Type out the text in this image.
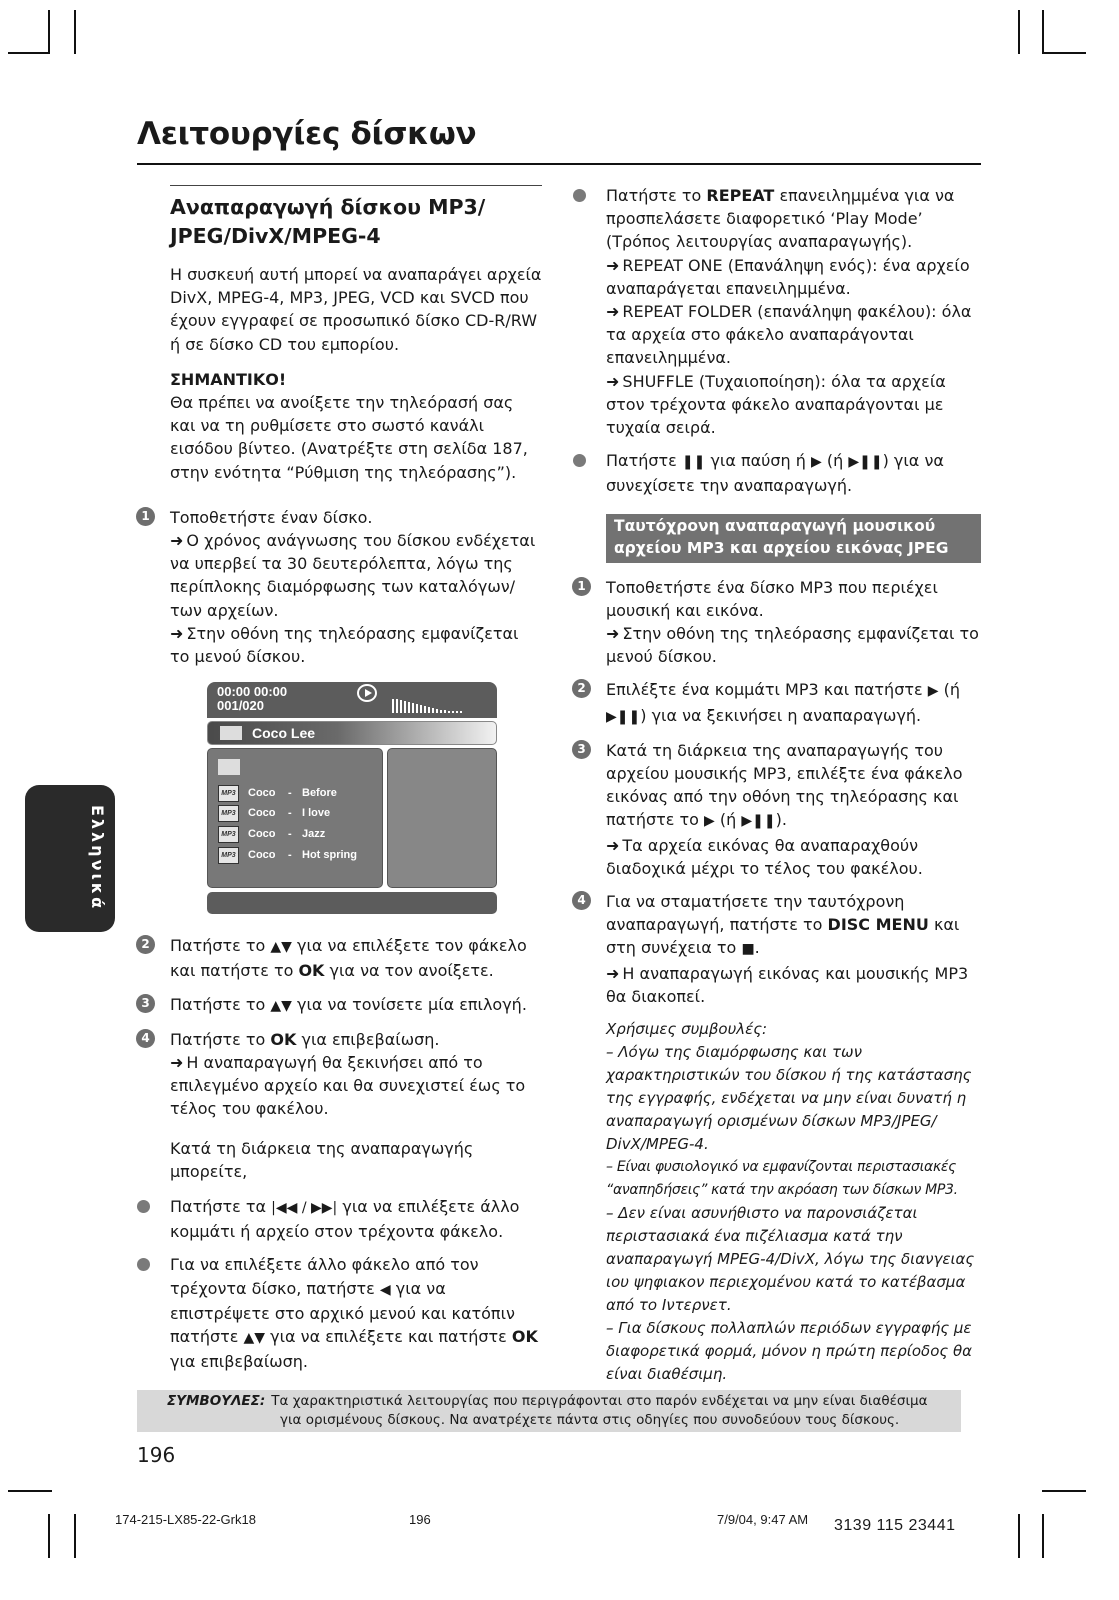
Λειτουργίες δίσκων
Αναπαραγωγή δίσκου MP3/
JPEG/DivX/MPEG-4

Η συσκευή αυτή μπορεί να αναπαράγει αρχεία DivX, MPEG-4, MP3, JPEG, VCD και SVCD που έχουν εγγραφεί σε προσωπικό δίσκο CD-R/RW ή σε δίσκο CD του εμπορίου.

ΣΗΜΑΝΤΙΚΟ!
Θα πρέπει να ανοίξετε την τηλεόρασή σας και να τη ρυθμίσετε στο σωστό κανάλι εισόδου βίντεο. (Ανατρέξτε στη σελίδα 187, στην ενότητα “Ρύθμιση της τηλεόρασης”).
1	Τοποθετήστε έναν δίσκο.
➜ Ο χρόνος ανάγνωσης του δίσκου ενδέχεται να υπερβεί τα 30 δευτερόλεπτα, λόγω της περίπλοκης διαμόρφωσης των καταλόγων/των αρχείων.
➜ Στην οθόνη της τηλεόρασης εμφανίζεται το μενού δίσκου.
00:00 00:00
001/020
Coco Lee
MP3 Coco - Before
MP3 Coco - I love
MP3 Coco - Jazz
MP3 Coco - Hot spring
2	Πατήστε το ▲▼ για να επιλέξετε τον φάκελο και πατήστε το OK για να τον ανοίξετε.
3	Πατήστε το ▲▼ για να τονίσετε μία επιλογή.
4	Πατήστε το OK για επιβεβαίωση.
➜ Η αναπαραγωγή θα ξεκινήσει από το επιλεγμένο αρχείο και θα συνεχιστεί έως το τέλος του φακέλου.

Κατά τη διάρκεια της αναπαραγωγής μπορείτε,

Πατήστε τα |◀◀ / ▶▶| για να επιλέξετε άλλο κομμάτι ή αρχείο στον τρέχοντα φάκελο.
Για να επιλέξετε άλλο φάκελο από τον τρέχοντα δίσκο, πατήστε ◀ για να επιστρέψετε στο αρχικό μενού και κατόπιν πατήστε ▲▼ για να επιλέξετε και πατήστε OK για επιβεβαίωση.
Πατήστε το REPEAT επανειλημμένα για να προσπελάσετε διαφορετικό ‘Play Mode’ (Τρόπος λειτουργίας αναπαραγωγής).
➜ REPEAT ONE (Επανάληψη ενός): ένα αρχείο αναπαράγεται επανειλημμένα.
➜ REPEAT FOLDER (επανάληψη φακέλου): όλα τα αρχεία στο φάκελο αναπαράγονται επανειλημμένα.
➜ SHUFFLE (Τυχαιοποίηση): όλα τα αρχεία στον τρέχοντα φάκελο αναπαράγονται με τυχαία σειρά.
Πατήστε ❚❚ για παύση ή ▶ (ή ▶❚❚) για να συνεχίσετε την αναπαραγωγή.
Ταυτόχρονη αναπαραγωγή μουσικού αρχείου MP3 και αρχείου εικόνας JPEG
1	Τοποθετήστε ένα δίσκο MP3 που περιέχει μουσική και εικόνα.
➜ Στην οθόνη της τηλεόρασης εμφανίζεται το μενού δίσκου.
2	Επιλέξτε ένα κομμάτι MP3 και πατήστε ▶ (ή ▶❚❚) για να ξεκινήσει η αναπαραγωγή.
3	Κατά τη διάρκεια της αναπαραγωγής του αρχείου μουσικής MP3, επιλέξτε ένα φάκελο εικόνας από την οθόνη της τηλεόρασης και πατήστε το ▶ (ή ▶❚❚).
➜ Τα αρχεία εικόνας θα αναπαραχθούν διαδοχικά μέχρι το τέλος του φακέλου.
4	Για να σταματήσετε την ταυτόχρονη αναπαραγωγή, πατήστε το DISC MENU και στη συνέχεια το ■.
➜ Η αναπαραγωγή εικόνας και μουσικής MP3 θα διακοπεί.
Χρήσιμες συμβουλές:
– Λόγω της διαμόρφωσης και των χαρακτηριστικών του δίσκου ή της κατάστασης της εγγραφής, ενδέχεται να μην είναι δυνατή η αναπαραγωγή ορισμένων δίσκων MP3/JPEG/ DivX/MPEG-4.
– Είναι φυσιολογικό να εμφανίζονται περιστασιακές “αναπηδήσεις” κατά την ακρόαση των δίσκων MP3.
– Δεν είναι ασυνήθιστο να παρονσιάζεται περιστασιακά ένα πιζέλιασμα κατά την αναπαραγωγή MPEG-4/DivX, λόγω της διανγειας ιου ψηφιακον περιεχομένου κατά το κατέβασμα από το Ιντερνετ.
– Για δίσκους πολλαπλών περιόδων εγγραφής με διαφορετικά φορμά, μόνον η πρώτη περίοδος θα είναι διαθέσιμη.
Ελληνικά
ΣΥΜΒΟΥΛΕΣ: Τα χαρακτηριστικά λειτουργίας που περιγράφονται στο παρόν ενδέχεται να μην είναι διαθέσιμα
για ορισμένους δίσκους. Να ανατρέχετε πάντα στις οδηγίες που συνοδεύουν τους δίσκους.
196
174-215-LX85-22-Grk18	196	7/9/04, 9:47 AM 3139 115 23441
